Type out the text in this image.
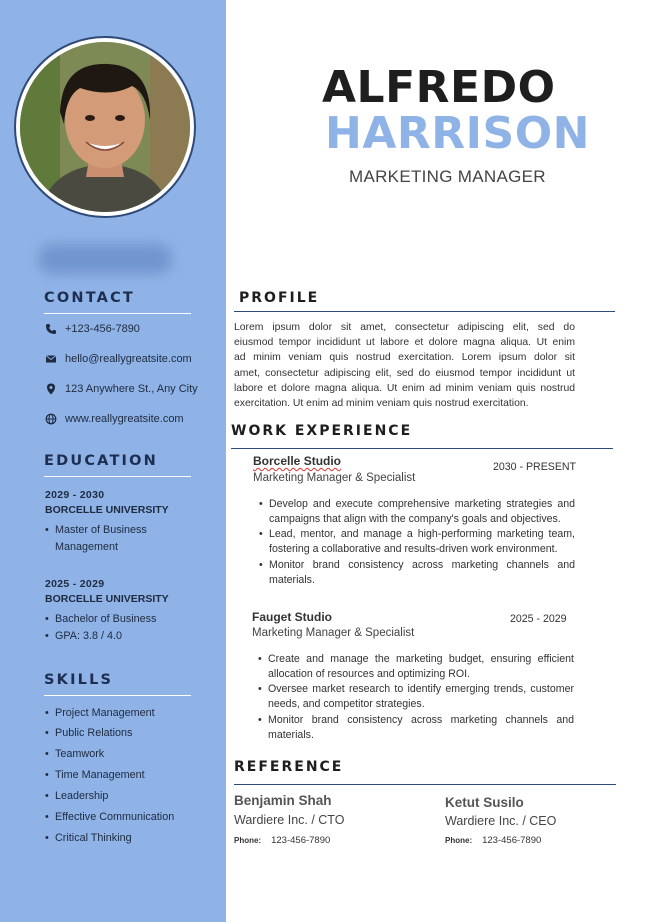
CONTACT
+123-456-7890
hello@reallygreatsite.com
123 Anywhere St., Any City
www.reallygreatsite.com
EDUCATION
2029 - 2030
BORCELLE UNIVERSITY
• Master of Business
Management
2025 - 2029
BORCELLE UNIVERSITY
• Bachelor of Business
• GPA: 3.8 / 4.0
SKILLS
• Project Management
• Public Relations
• Teamwork
• Time Management
• Leadership
• Effective Communication
• Critical Thinking
ALFREDO
HARRISON
MARKETING MANAGER
PROFILE
Lorem ipsum dolor sit amet, consectetur adipiscing elit, sed do
eiusmod tempor incididunt ut labore et dolore magna aliqua. Ut enim
ad minim veniam quis nostrud exercitation. Lorem ipsum dolor sit
amet, consectetur adipiscing elit, sed do eiusmod tempor incididunt ut
labore et dolore magna aliqua. Ut enim ad minim veniam quis nostrud
exercitation. Ut enim ad minim veniam quis nostrud exercitation.
WORK EXPERIENCE
Borcelle Studio	2030 - PRESENT
Marketing Manager & Specialist
• Develop and execute comprehensive marketing strategies and campaigns that align with the company's goals and objectives.
• Lead, mentor, and manage a high-performing marketing team, fostering a collaborative and results-driven work environment.
• Monitor brand consistency across marketing channels and materials.
Fauget Studio	2025 - 2029
Marketing Manager & Specialist
• Create and manage the marketing budget, ensuring efficient allocation of resources and optimizing ROI.
• Oversee market research to identify emerging trends, customer needs, and competitor strategies.
• Monitor brand consistency across marketing channels and materials.
REFERENCE
Benjamin Shah
Wardiere Inc. / CTO
Phone: 123-456-7890
Ketut Susilo
Wardiere Inc. / CEO
Phone: 123-456-7890
